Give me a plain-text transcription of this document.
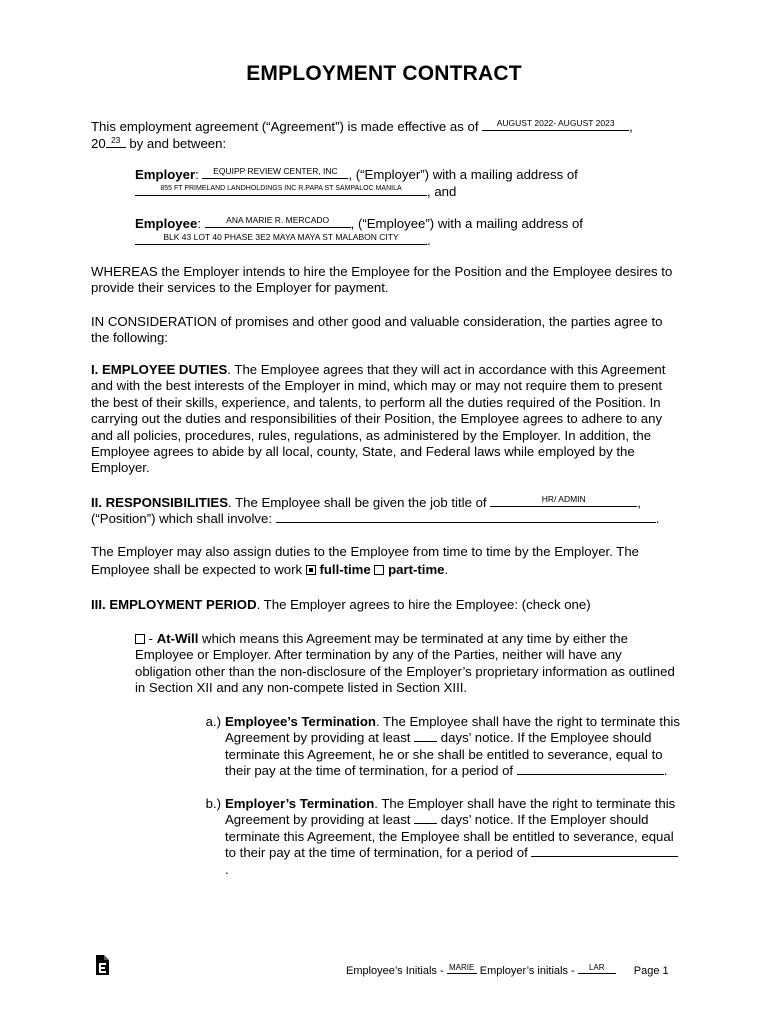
EMPLOYMENT CONTRACT
This employment agreement (“Agreement”) is made effective as of	AUGUST 2022- AUGUST 2023	,
20 23 by and between:
Employer:	EQUIPP REVIEW CENTER, INC , (“Employer”) with a mailing address of

855 FT PRIMELAND LANDHOLDINGS INC R.PAPA ST SAMPALOC MANILA	, and
Employee:	ANA MARIE R. MERCADO	, (“Employee”) with a mailing address of

BLK 43 LOT 40 PHASE 3E2 MAYA MAYA ST MALABON CITY	.
WHEREAS the Employer intends to hire the Employee for the Position and the Employee desires to provide their services to the Employer for payment.
IN CONSIDERATION of promises and other good and valuable consideration, the parties agree to the following:
I. EMPLOYEE DUTIES. The Employee agrees that they will act in accordance with this Agreement and with the best interests of the Employer in mind, which may or may not require them to present the best of their skills, experience, and talents, to perform all the duties required of the Position. In carrying out the duties and responsibilities of their Position, the Employee agrees to adhere to any and all policies, procedures, rules, regulations, as administered by the Employer. In addition, the Employee agrees to abide by all local, county, State, and Federal laws while employed by the Employer.
II. RESPONSIBILITIES. The Employee shall be given the job title of	HR/ ADMIN	,
(“Position”) which shall involve:	.
The Employer may also assign duties to the Employee from time to time by the Employer. The Employee shall be expected to work  full-time part-time.
III. EMPLOYMENT PERIOD. The Employer agrees to hire the Employee: (check one)
- At-Will which means this Agreement may be terminated at any time by either the Employee or Employer. After termination by any of the Parties, neither will have any obligation other than the non-disclosure of the Employer’s proprietary information as outlined in Section XII and any non-compete listed in Section XIII.
a.) Employee’s Termination. The Employee shall have the right to terminate this Agreement by providing at least  days’ notice. If the Employee should terminate this Agreement, he or she shall be entitled to severance, equal to their pay at the time of termination, for a period of	.
b.) Employer’s Termination. The Employer shall have the right to terminate this Agreement by providing at least  days’ notice. If the Employer should terminate this Agreement, the Employee shall be entitled to severance, equal to their pay at the time of termination, for a period of .
Employee’s Initials - MARIE Employer’s initials -	LAR	Page 1
